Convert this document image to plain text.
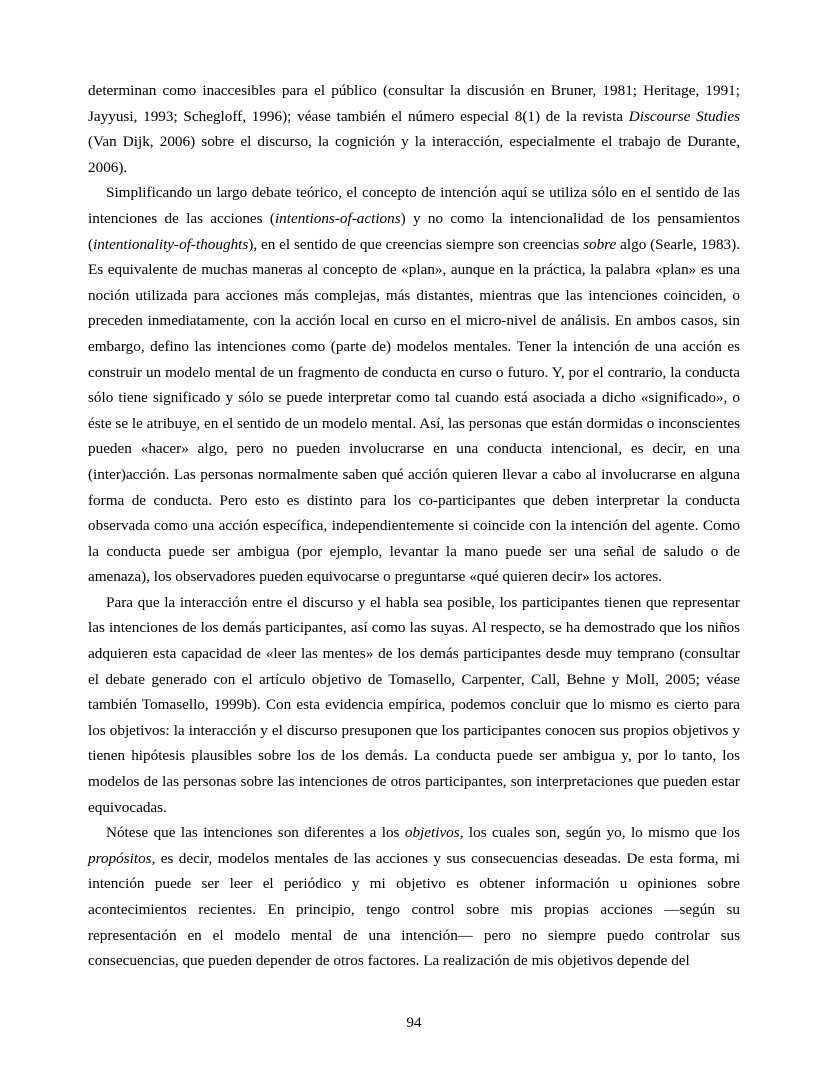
determinan como inaccesibles para el público (consultar la discusión en Bruner, 1981; Heritage, 1991; Jayyusi, 1993; Schegloff, 1996); véase también el número especial 8(1) de la revista Discourse Studies (Van Dijk, 2006) sobre el discurso, la cognición y la interacción, especialmente el trabajo de Durante, 2006).

Simplificando un largo debate teórico, el concepto de intención aquí se utiliza sólo en el sentido de las intenciones de las acciones (intentions-of-actions) y no como la intencionalidad de los pensamientos (intentionality-of-thoughts), en el sentido de que creencias siempre son creencias sobre algo (Searle, 1983). Es equivalente de muchas maneras al concepto de «plan», aunque en la práctica, la palabra «plan» es una noción utilizada para acciones más complejas, más distantes, mientras que las intenciones coinciden, o preceden inmediatamente, con la acción local en curso en el micro-nivel de análisis. En ambos casos, sin embargo, defino las intenciones como (parte de) modelos mentales. Tener la intención de una acción es construir un modelo mental de un fragmento de conducta en curso o futuro. Y, por el contrario, la conducta sólo tiene significado y sólo se puede interpretar como tal cuando está asociada a dicho «significado», o éste se le atribuye, en el sentido de un modelo mental. Así, las personas que están dormidas o inconscientes pueden «hacer» algo, pero no pueden involucrarse en una conducta intencional, es decir, en una (inter)acción. Las personas normalmente saben qué acción quieren llevar a cabo al involucrarse en alguna forma de conducta. Pero esto es distinto para los co-participantes que deben interpretar la conducta observada como una acción específica, independientemente si coincide con la intención del agente. Como la conducta puede ser ambigua (por ejemplo, levantar la mano puede ser una señal de saludo o de amenaza), los observadores pueden equivocarse o preguntarse «qué quieren decir» los actores.

Para que la interacción entre el discurso y el habla sea posible, los participantes tienen que representar las intenciones de los demás participantes, así como las suyas. Al respecto, se ha demostrado que los niños adquieren esta capacidad de «leer las mentes» de los demás participantes desde muy temprano (consultar el debate generado con el artículo objetivo de Tomasello, Carpenter, Call, Behne y Moll, 2005; véase también Tomasello, 1999b). Con esta evidencia empírica, podemos concluir que lo mismo es cierto para los objetivos: la interacción y el discurso presuponen que los participantes conocen sus propios objetivos y tienen hipótesis plausibles sobre los de los demás. La conducta puede ser ambigua y, por lo tanto, los modelos de las personas sobre las intenciones de otros participantes, son interpretaciones que pueden estar equivocadas.

Nótese que las intenciones son diferentes a los objetivos, los cuales son, según yo, lo mismo que los propósitos, es decir, modelos mentales de las acciones y sus consecuencias deseadas. De esta forma, mi intención puede ser leer el periódico y mi objetivo es obtener información u opiniones sobre acontecimientos recientes. En principio, tengo control sobre mis propias acciones —según su representación en el modelo mental de una intención— pero no siempre puedo controlar sus consecuencias, que pueden depender de otros factores. La realización de mis objetivos depende del

94
